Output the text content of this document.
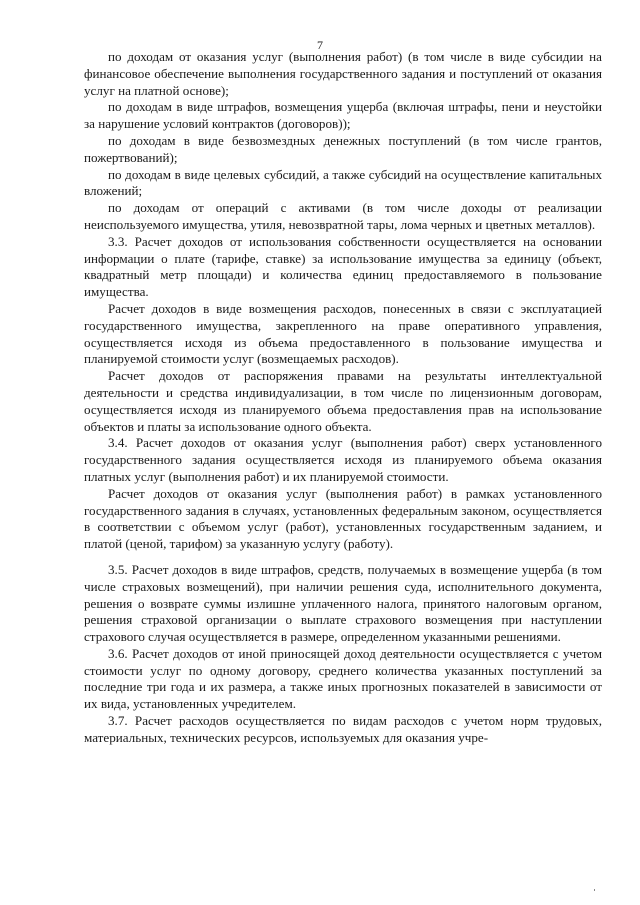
7

по доходам от оказания услуг (выполнения работ) (в том числе в виде субсидии на финансовое обеспечение выполнения государственного задания и поступлений от оказания услуг на платной основе);

по доходам в виде штрафов, возмещения ущерба (включая штрафы, пени и неустойки за нарушение условий контрактов (договоров));

по доходам в виде безвозмездных денежных поступлений (в том числе грантов, пожертвований);

по доходам в виде целевых субсидий, а также субсидий на осуществление капитальных вложений;

по доходам от операций с активами (в том числе доходы от реализации неиспользуемого имущества, утиля, невозвратной тары, лома черных и цветных металлов).

3.3. Расчет доходов от использования собственности осуществляется на основании информации о плате (тарифе, ставке) за использование имущества за единицу (объект, квадратный метр площади) и количества единиц предоставляемого в пользование имущества.

Расчет доходов в виде возмещения расходов, понесенных в связи с эксплуатацией государственного имущества, закрепленного на праве оперативного управления, осуществляется исходя из объема предоставленного в пользование имущества и планируемой стоимости услуг (возмещаемых расходов).

Расчет доходов от распоряжения правами на результаты интеллектуальной деятельности и средства индивидуализации, в том числе по лицензионным договорам, осуществляется исходя из планируемого объема предоставления прав на использование объектов и платы за использование одного объекта.

3.4. Расчет доходов от оказания услуг (выполнения работ) сверх установленного государственного задания осуществляется исходя из планируемого объема оказания платных услуг (выполнения работ) и их планируемой стоимости.

Расчет доходов от оказания услуг (выполнения работ) в рамках установленного государственного задания в случаях, установленных федеральным законом, осуществляется в соответствии с объемом услуг (работ), установленных государственным заданием, и платой (ценой, тарифом) за указанную услугу (работу).

3.5. Расчет доходов в виде штрафов, средств, получаемых в возмещение ущерба (в том числе страховых возмещений), при наличии решения суда, исполнительного документа, решения о возврате суммы излишне уплаченного налога, принятого налоговым органом, решения страховой организации о выплате страхового возмещения при наступлении страхового случая осуществляется в размере, определенном указанными решениями.

3.6. Расчет доходов от иной приносящей доход деятельности осуществляется с учетом стоимости услуг по одному договору, среднего количества указанных поступлений за последние три года и их размера, а также иных прогнозных показателей в зависимости от их вида, установленных учредителем.

3.7. Расчет расходов осуществляется по видам расходов с учетом норм трудовых, материальных, технических ресурсов, используемых для оказания учре-
